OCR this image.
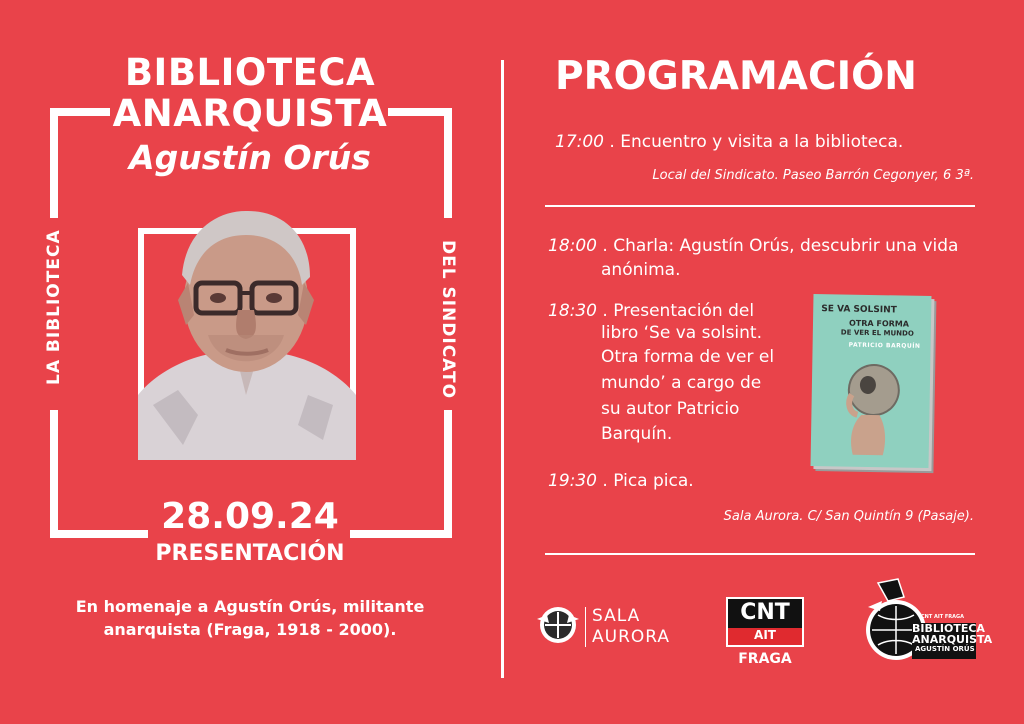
BIBLIOTECA
ANARQUISTA
Agustín Orús
LA BIBLIOTECA	DEL SINDICATO
28.09.24
PRESENTACIÓN
En homenaje a Agustín Orús, militante
anarquista (Fraga, 1918 - 2000).
PROGRAMACIÓN
17:00 . Encuentro y visita a la biblioteca.
Local del Sindicato. Paseo Barrón Cegonyer, 6 3ª.
18:00 . Charla: Agustín Orús, descubrir una vida
anónima.
18:30 . Presentación del
libro ‘Se va solsint.
Otra forma de ver el
mundo’ a cargo de
su autor Patricio
Barquín.
SE VA SOLSINT
OTRA FORMA
DE VER EL MUNDO
PATRICIO BARQUÍN
19:30 . Pica pica.
Sala Aurora. C/ San Quintín 9 (Pasaje).
SALA
AURORA
CNT
AIT
FRAGA
CNT AIT FRAGA
BIBLIOTECA
ANARQUISTA
AGUSTÍN ORÚS
